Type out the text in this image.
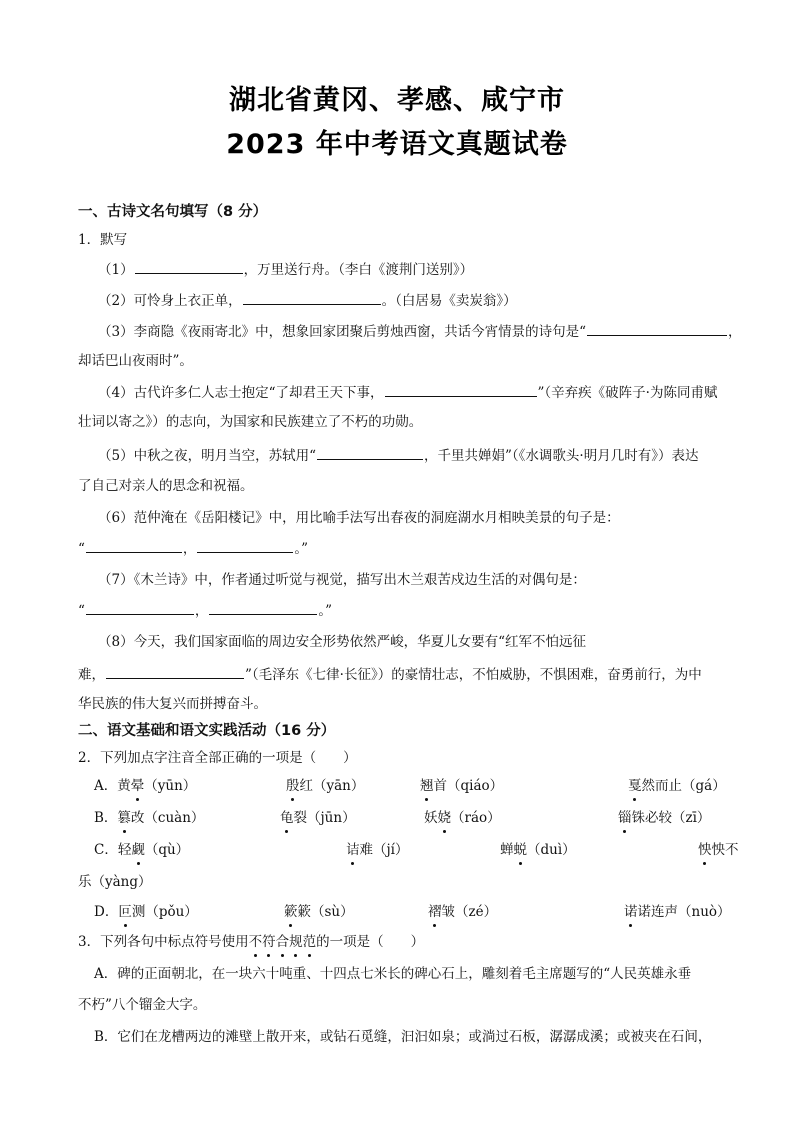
湖北省黄冈、孝感、咸宁市
2023 年中考语文真题试卷
一、古诗文名句填写（8 分）
1．默写
（1）	，万里送行舟。（李白《渡荆门送别》）
（2）可怜身上衣正单，	。（白居易《卖炭翁》）
（3）李商隐《夜雨寄北》中，想象回家团聚后剪烛西窗，共话今宵情景的诗句是“	，
却话巴山夜雨时”。
（4）古代许多仁人志士抱定“了却君王天下事，	”（辛弃疾《破阵子·为陈同甫赋
壮词以寄之》）的志向，为国家和民族建立了不朽的功勋。
（5）中秋之夜，明月当空，苏轼用“	，千里共婵娟”（《水调歌头·明月几时有》）表达
了自己对亲人的思念和祝福。
（6）范仲淹在《岳阳楼记》中，用比喻手法写出春夜的洞庭湖水月相映美景的句子是：
“	，	。”
（7）《木兰诗》中，作者通过听觉与视觉，描写出木兰艰苦戍边生活的对偶句是：
“	，	。”
（8）今天，我们国家面临的周边安全形势依然严峻，华夏儿女要有“红军不怕远征
难，	”（毛泽东《七律·长征》）的豪情壮志，不怕威胁，不惧困难，奋勇前行，为中
华民族的伟大复兴而拼搏奋斗。
二、语文基础和语文实践活动（16 分）
2．下列加点字注音全部正确的一项是（　　）
A．黄晕（yūn）	殷红（yān）	翘首（qiáo）	戛然而止（gá）
B．篡改（cuàn）	龟裂（jūn）	妖娆（ráo）	锱铢必较（zī）
C．轻觑（qù）	诘难（jí）	蝉蜕（duì）	怏怏不
乐（yàng）
D．叵测（pǒu）	簌簌（sù）	褶皱（zé）	诺诺连声（nuò）
3．下列各句中标点符号使用不符合规范的一项是（　　）
A．碑的正面朝北，在一块六十吨重、十四点七米长的碑心石上，雕刻着毛主席题写的“人民英雄永垂
不朽”八个镏金大字。
B．它们在龙槽两边的滩壁上散开来，或钻石觅缝，汩汩如泉；或淌过石板，潺潺成溪；或被夹在石间，
